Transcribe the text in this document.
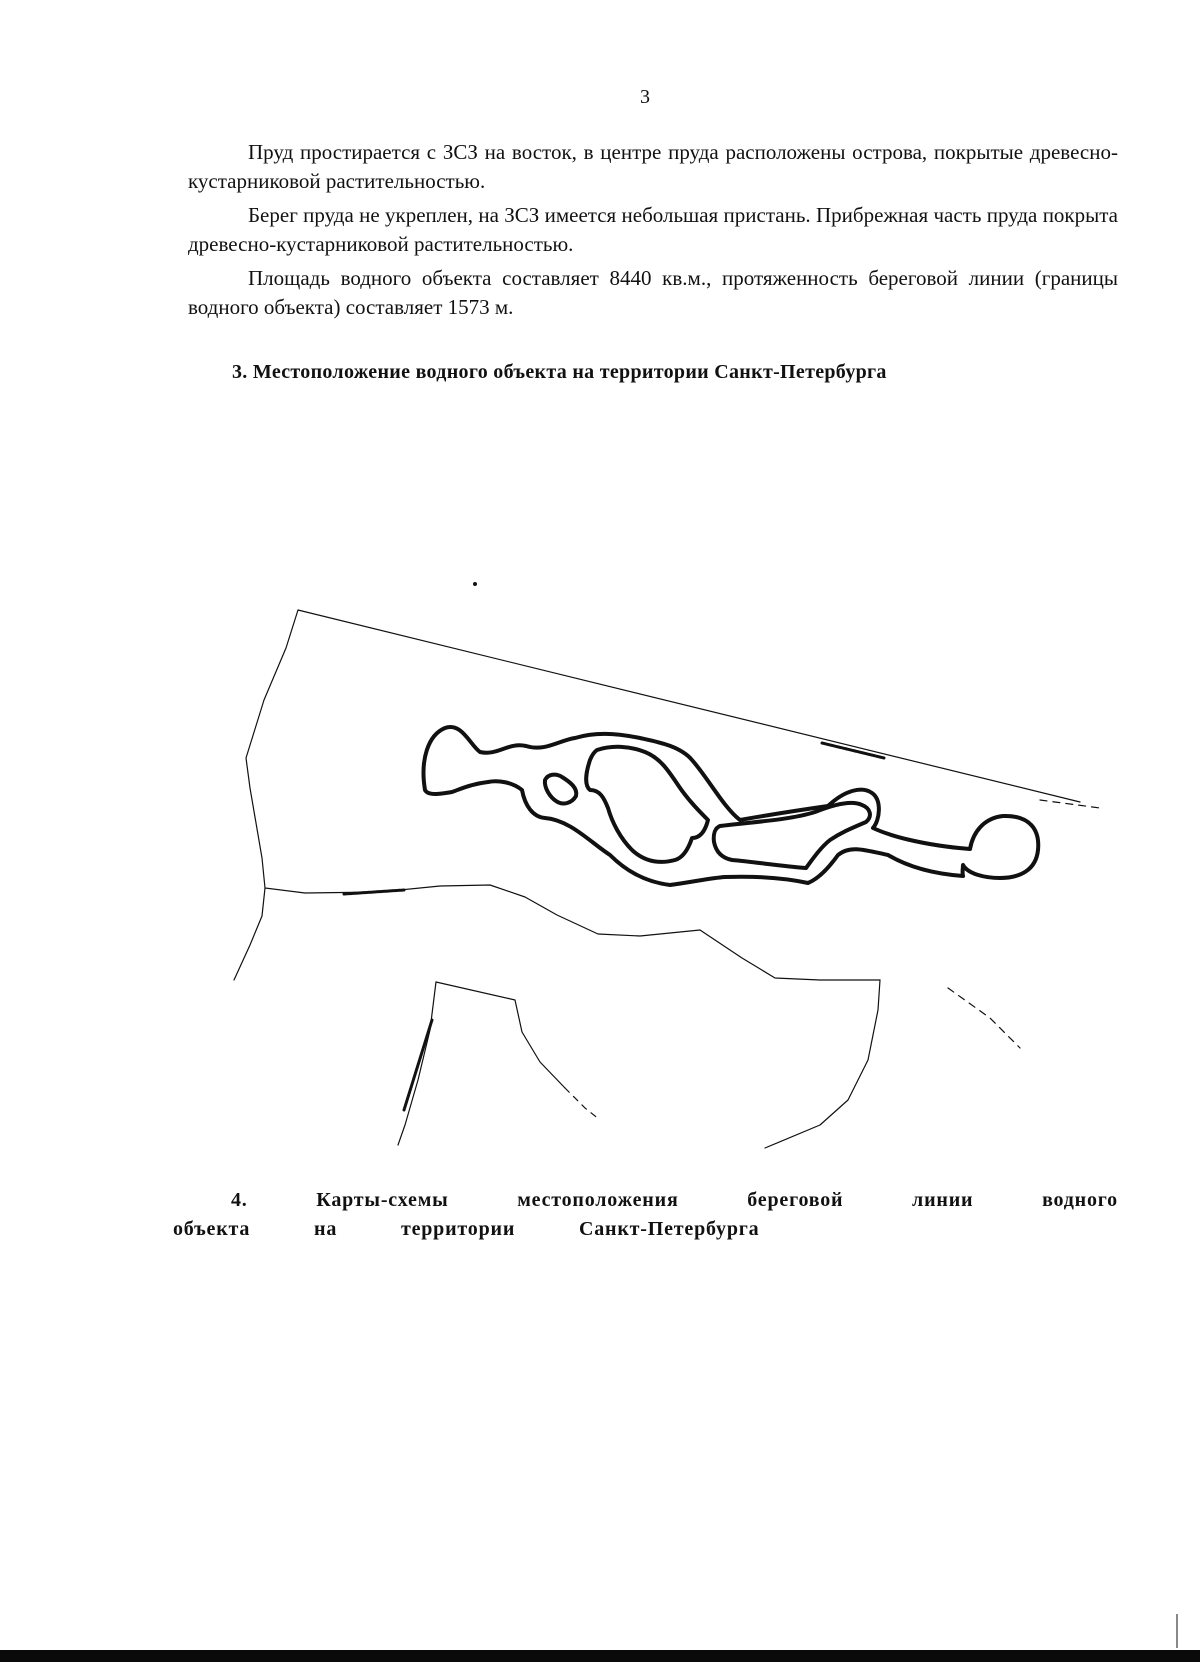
3

Пруд простирается с ЗСЗ на восток, в центре пруда расположены острова, покрытые древесно-кустарниковой растительностью.

Берег пруда не укреплен, на ЗСЗ имеется небольшая пристань. Прибрежная часть пруда покрыта древесно-кустарниковой растительностью.

Площадь водного объекта составляет 8440 кв.м., протяженность береговой линии (границы водного объекта) составляет 1573 м.

3. Местоположение водного объекта на территории Санкт-Петербурга
4. Карты-схемы местоположения береговой линии водного объекта на территории Санкт-Петербурга
